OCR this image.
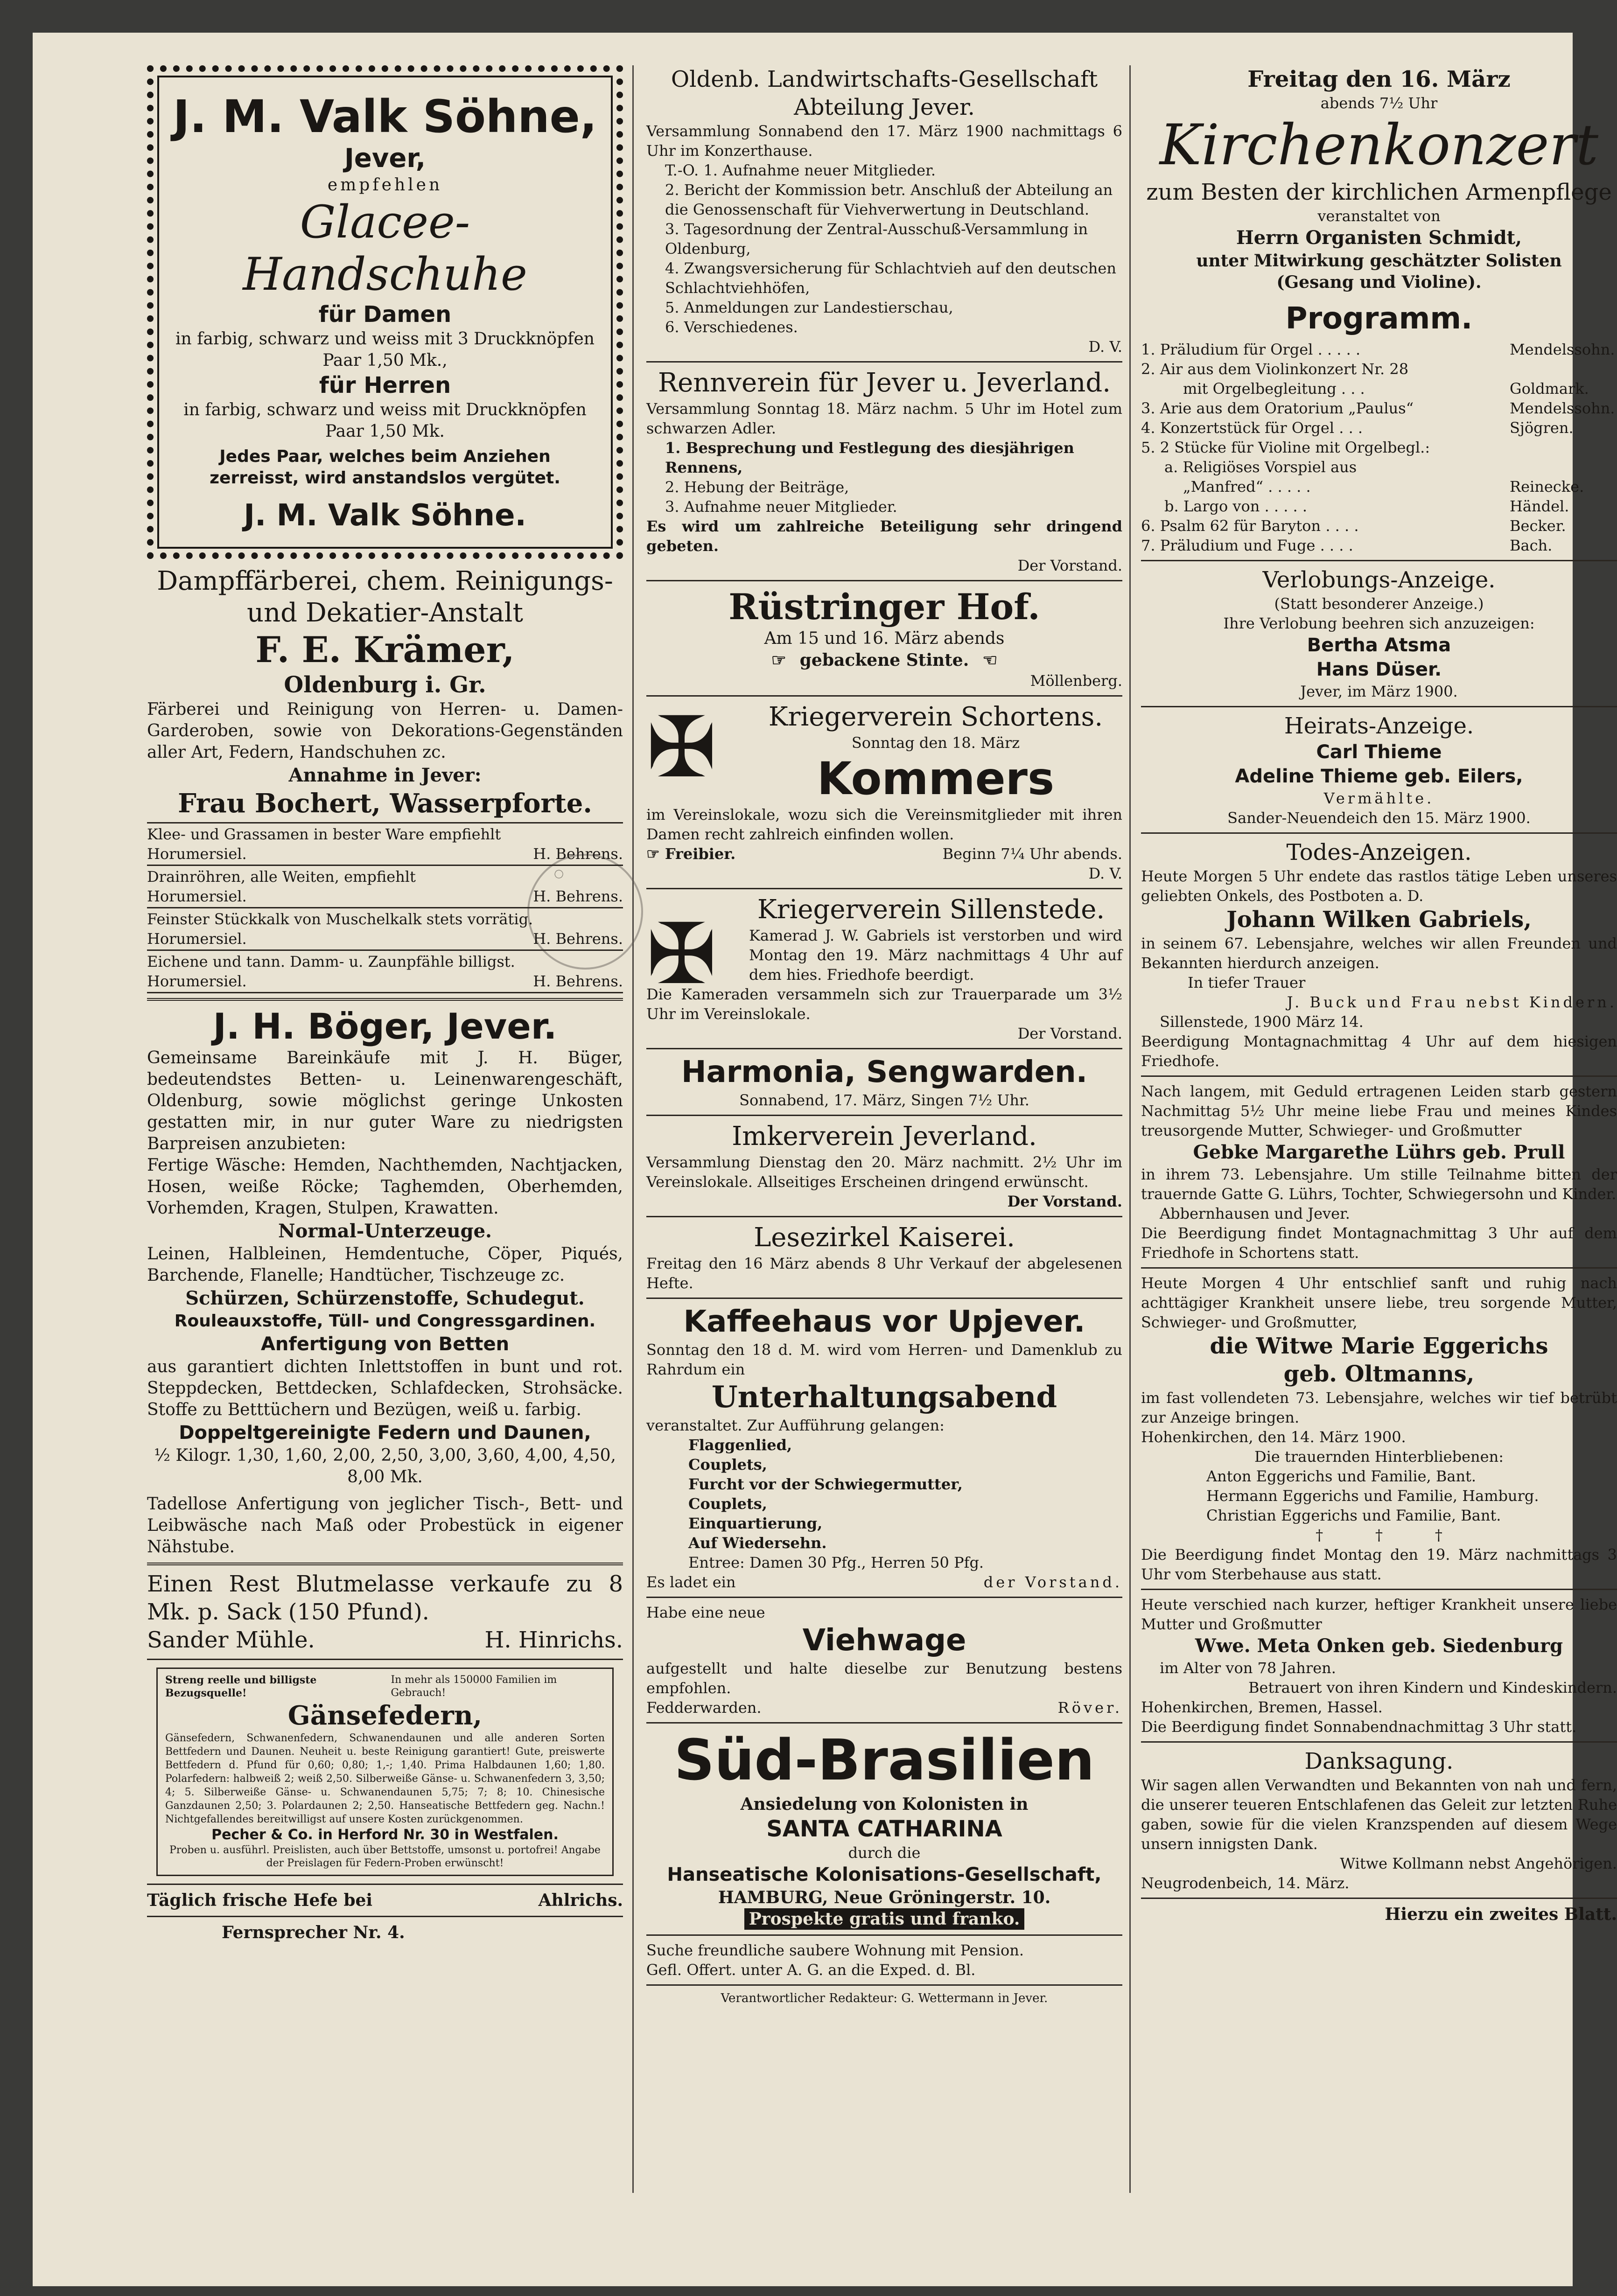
○
J. M. Valk Söhne,
Jever,
empfehlen
Glacee-
Handschuhe
für Damen
in farbig, schwarz und weiss mit 3 Druckknöpfen Paar 1,50 Mk.,
für Herren
in farbig, schwarz und weiss mit Druckknöpfen Paar 1,50 Mk.
Jedes Paar, welches beim Anziehen zerreisst, wird anstandslos vergütet.
J. M. Valk Söhne.
Dampffärberei, chem. Reinigungs-
und Dekatier-Anstalt
F. E. Krämer,
Oldenburg i. Gr.
Färberei und Reinigung von Herren- u. Damen-Garderoben, sowie von Dekorations-Gegenständen aller Art, Federn, Handschuhen zc.
Annahme in Jever:
Frau Bochert, Wasserpforte.
Klee- und Grassamen in bester Ware empfiehlt
Horumersiel.	H. Behrens.
Drainröhren, alle Weiten, empfiehlt
Horumersiel.	H. Behrens.
Feinster Stückkalk von Muschelkalk stets vorrätig.
Horumersiel.	H. Behrens.
Eichene und tann. Damm- u. Zaunpfähle billigst.
Horumersiel.	H. Behrens.
J. H. Böger, Jever.
Gemeinsame Bareinkäufe mit J. H. Büger, bedeutendstes Betten- u. Leinenwarengeschäft, Oldenburg, sowie möglichst geringe Unkosten gestatten mir, in nur guter Ware zu niedrigsten Barpreisen anzubieten:
Fertige Wäsche: Hemden, Nachthemden, Nachtjacken, Hosen, weiße Röcke; Taghemden, Oberhemden, Vorhemden, Kragen, Stulpen, Krawatten.
Normal-Unterzeuge.
Leinen, Halbleinen, Hemdentuche, Cöper, Piqués, Barchende, Flanelle; Handtücher, Tischzeuge zc.
Schürzen, Schürzenstoffe, Schudegut.
Rouleauxstoffe, Tüll- und Congressgardinen.
Anfertigung von Betten
aus garantiert dichten Inlettstoffen in bunt und rot. Steppdecken, Bettdecken, Schlafdecken, Strohsäcke. Stoffe zu Betttüchern und Bezügen, weiß u. farbig.
Doppeltgereinigte Federn und Daunen,
½ Kilogr. 1,30, 1,60, 2,00, 2,50, 3,00, 3,60, 4,00, 4,50, 8,00 Mk.
Tadellose Anfertigung von jeglicher Tisch-, Bett- und Leibwäsche nach Maß oder Probestück in eigener Nähstube.
Einen Rest Blutmelasse verkaufe zu 8 Mk. p. Sack (150 Pfund).
Sander Mühle.	H. Hinrichs.
Streng reelle und billigste Bezugsquelle!
In mehr als 150000 Familien im Gebrauch!
Gänsefedern,
Gänsefedern, Schwanenfedern, Schwanendaunen und alle anderen Sorten Bettfedern und Daunen. Neuheit u. beste Reinigung garantiert! Gute, preiswerte Bettfedern d. Pfund für 0,60; 0,80; 1,-; 1,40. Prima Halbdaunen 1,60; 1,80. Polarfedern: halbweiß 2; weiß 2,50. Silberweiße Gänse- u. Schwanenfedern 3, 3,50; 4; 5. Silberweiße Gänse- u. Schwanendaunen 5,75; 7; 8; 10. Chinesische Ganzdaunen 2,50; 3. Polardaunen 2; 2,50. Hanseatische Bettfedern geg. Nachn.! Nichtgefallendes bereitwilligst auf unsere Kosten zurückgenommen.
Pecher & Co. in Herford Nr. 30 in Westfalen.
Proben u. ausführl. Preislisten, auch über Bettstoffe, umsonst u. portofrei! Angabe der Preislagen für Federn-Proben erwünscht!
Täglich frische Hefe bei	Ahlrichs.
Fernsprecher Nr. 4.
Oldenb. Landwirtschafts-Gesellschaft
Abteilung Jever.
Versammlung Sonnabend den 17. März 1900 nachmittags 6 Uhr im Konzerthause.
T.-O. 1. Aufnahme neuer Mitglieder.
2. Bericht der Kommission betr. Anschluß der Abteilung an die Genossenschaft für Viehverwertung in Deutschland.
3. Tagesordnung der Zentral-Ausschuß-Versammlung in Oldenburg,
4. Zwangsversicherung für Schlachtvieh auf den deutschen Schlachtviehhöfen,
5. Anmeldungen zur Landestierschau,
6. Verschiedenes.
D. V.
Rennverein für Jever u. Jeverland.
Versammlung Sonntag 18. März nachm. 5 Uhr im Hotel zum schwarzen Adler.
1. Besprechung und Festlegung des diesjährigen Rennens,
2. Hebung der Beiträge,
3. Aufnahme neuer Mitglieder.
Es wird um zahlreiche Beteiligung sehr dringend gebeten.
Der Vorstand.
Rüstringer Hof.
Am 15 und 16. März abends
☞ gebackene Stinte. ☜
Möllenberg.
✠	Kriegerverein Schortens.
Sonntag den 18. März
Kommers
im Vereinslokale, wozu sich die Vereinsmitglieder mit ihren Damen recht zahlreich einfinden wollen.
☞ Freibier.	Beginn 7¼ Uhr abends.
D. V.
✠	Kriegerverein Sillenstede.
Kamerad J. W. Gabriels ist verstorben und wird Montag den 19. März nachmittags 4 Uhr auf dem hies. Friedhofe beerdigt.
Die Kameraden versammeln sich zur Trauerparade um 3½ Uhr im Vereinslokale.
Der Vorstand.
Harmonia, Sengwarden.
Sonnabend, 17. März, Singen 7½ Uhr.
Imkerverein Jeverland.
Versammlung Dienstag den 20. März nachmitt. 2½ Uhr im Vereinslokale. Allseitiges Erscheinen dringend erwünscht.
Der Vorstand.
Lesezirkel Kaiserei.
Freitag den 16 März abends 8 Uhr Verkauf der abgelesenen Hefte.
Kaffeehaus vor Upjever.
Sonntag den 18 d. M. wird vom Herren- und Damenklub zu Rahrdum ein
Unterhaltungsabend
veranstaltet. Zur Aufführung gelangen:
Flaggenlied,
Couplets,
Furcht vor der Schwiegermutter,
Couplets,
Einquartierung,
Auf Wiedersehn.
Entree: Damen 30 Pfg., Herren 50 Pfg.
Es ladet ein	der Vorstand.
Habe eine neue
Viehwage
aufgestellt und halte dieselbe zur Benutzung bestens empfohlen.
Fedderwarden.	Röver.
Süd-Brasilien
Ansiedelung von Kolonisten in
SANTA CATHARINA
durch die
Hanseatische Kolonisations-Gesellschaft,
HAMBURG, Neue Gröningerstr. 10.
Prospekte gratis und franko.
Suche freundliche saubere Wohnung mit Pension.
Gefl. Offert. unter A. G. an die Exped. d. Bl.
Verantwortlicher Redakteur: G. Wettermann in Jever.
Freitag den 16. März
abends 7½ Uhr
Kirchenkonzert
zum Besten der kirchlichen Armenpflege
veranstaltet von
Herrn Organisten Schmidt,
unter Mitwirkung geschätzter Solisten
(Gesang und Violine).
Programm.
1. Präludium für Orgel . . . . .	Mendelssohn.
2. Air aus dem Violinkonzert Nr. 28
mit Orgelbegleitung . . .	Goldmark.
3. Arie aus dem Oratorium „Paulus“	Mendelssohn.
4. Konzertstück für Orgel . . .	Sjögren.
5. 2 Stücke für Violine mit Orgelbegl.:
a. Religiöses Vorspiel aus
„Manfred“ . . . . .	Reinecke.
b. Largo von . . . . .	Händel.
6. Psalm 62 für Baryton . . . .	Becker.
7. Präludium und Fuge . . . .	Bach.
Verlobungs-Anzeige.
(Statt besonderer Anzeige.)
Ihre Verlobung beehren sich anzuzeigen:
Bertha Atsma
Hans Düser.
Jever, im März 1900.
Heirats-Anzeige.
Carl Thieme
Adeline Thieme geb. Eilers,
Vermählte.
Sander-Neuendeich den 15. März 1900.
Todes-Anzeigen.
Heute Morgen 5 Uhr endete das rastlos tätige Leben unseres geliebten Onkels, des Postboten a. D.
Johann Wilken Gabriels,
in seinem 67. Lebensjahre, welches wir allen Freunden und Bekannten hierdurch anzeigen.
In tiefer Trauer
J. Buck und Frau nebst Kindern.
Sillenstede, 1900 März 14.
Beerdigung Montagnachmittag 4 Uhr auf dem hiesigen Friedhofe.
Nach langem, mit Geduld ertragenen Leiden starb gestern Nachmittag 5½ Uhr meine liebe Frau und meines Kindes treusorgende Mutter, Schwieger- und Großmutter
Gebke Margarethe Lührs geb. Prull
in ihrem 73. Lebensjahre. Um stille Teilnahme bitten der trauernde Gatte G. Lührs, Tochter, Schwiegersohn und Kinder.
Abbernhausen und Jever.
Die Beerdigung findet Montagnachmittag 3 Uhr auf dem Friedhofe in Schortens statt.
Heute Morgen 4 Uhr entschlief sanft und ruhig nach achttägiger Krankheit unsere liebe, treu sorgende Mutter, Schwieger- und Großmutter,
die Witwe Marie Eggerichs
geb. Oltmanns,
im fast vollendeten 73. Lebensjahre, welches wir tief betrübt zur Anzeige bringen.
Hohenkirchen, den 14. März 1900.
Die trauernden Hinterbliebenen:
Anton Eggerichs und Familie, Bant.
Hermann Eggerichs und Familie, Hamburg.
Christian Eggerichs und Familie, Bant.
†           †           †
Die Beerdigung findet Montag den 19. März nachmittags 3 Uhr vom Sterbehause aus statt.
Heute verschied nach kurzer, heftiger Krankheit unsere liebe Mutter und Großmutter
Wwe. Meta Onken geb. Siedenburg
im Alter von 78 Jahren.
Betrauert von ihren Kindern und Kindeskindern.
Hohenkirchen, Bremen, Hassel.
Die Beerdigung findet Sonnabendnachmittag 3 Uhr statt.
Danksagung.
Wir sagen allen Verwandten und Bekannten von nah und fern, die unserer teueren Entschlafenen das Geleit zur letzten Ruhe gaben, sowie für die vielen Kranzspenden auf diesem Wege unsern innigsten Dank.
Witwe Kollmann nebst Angehörigen.
Neugrodenbeich, 14. März.
Hierzu ein zweites Blatt.
